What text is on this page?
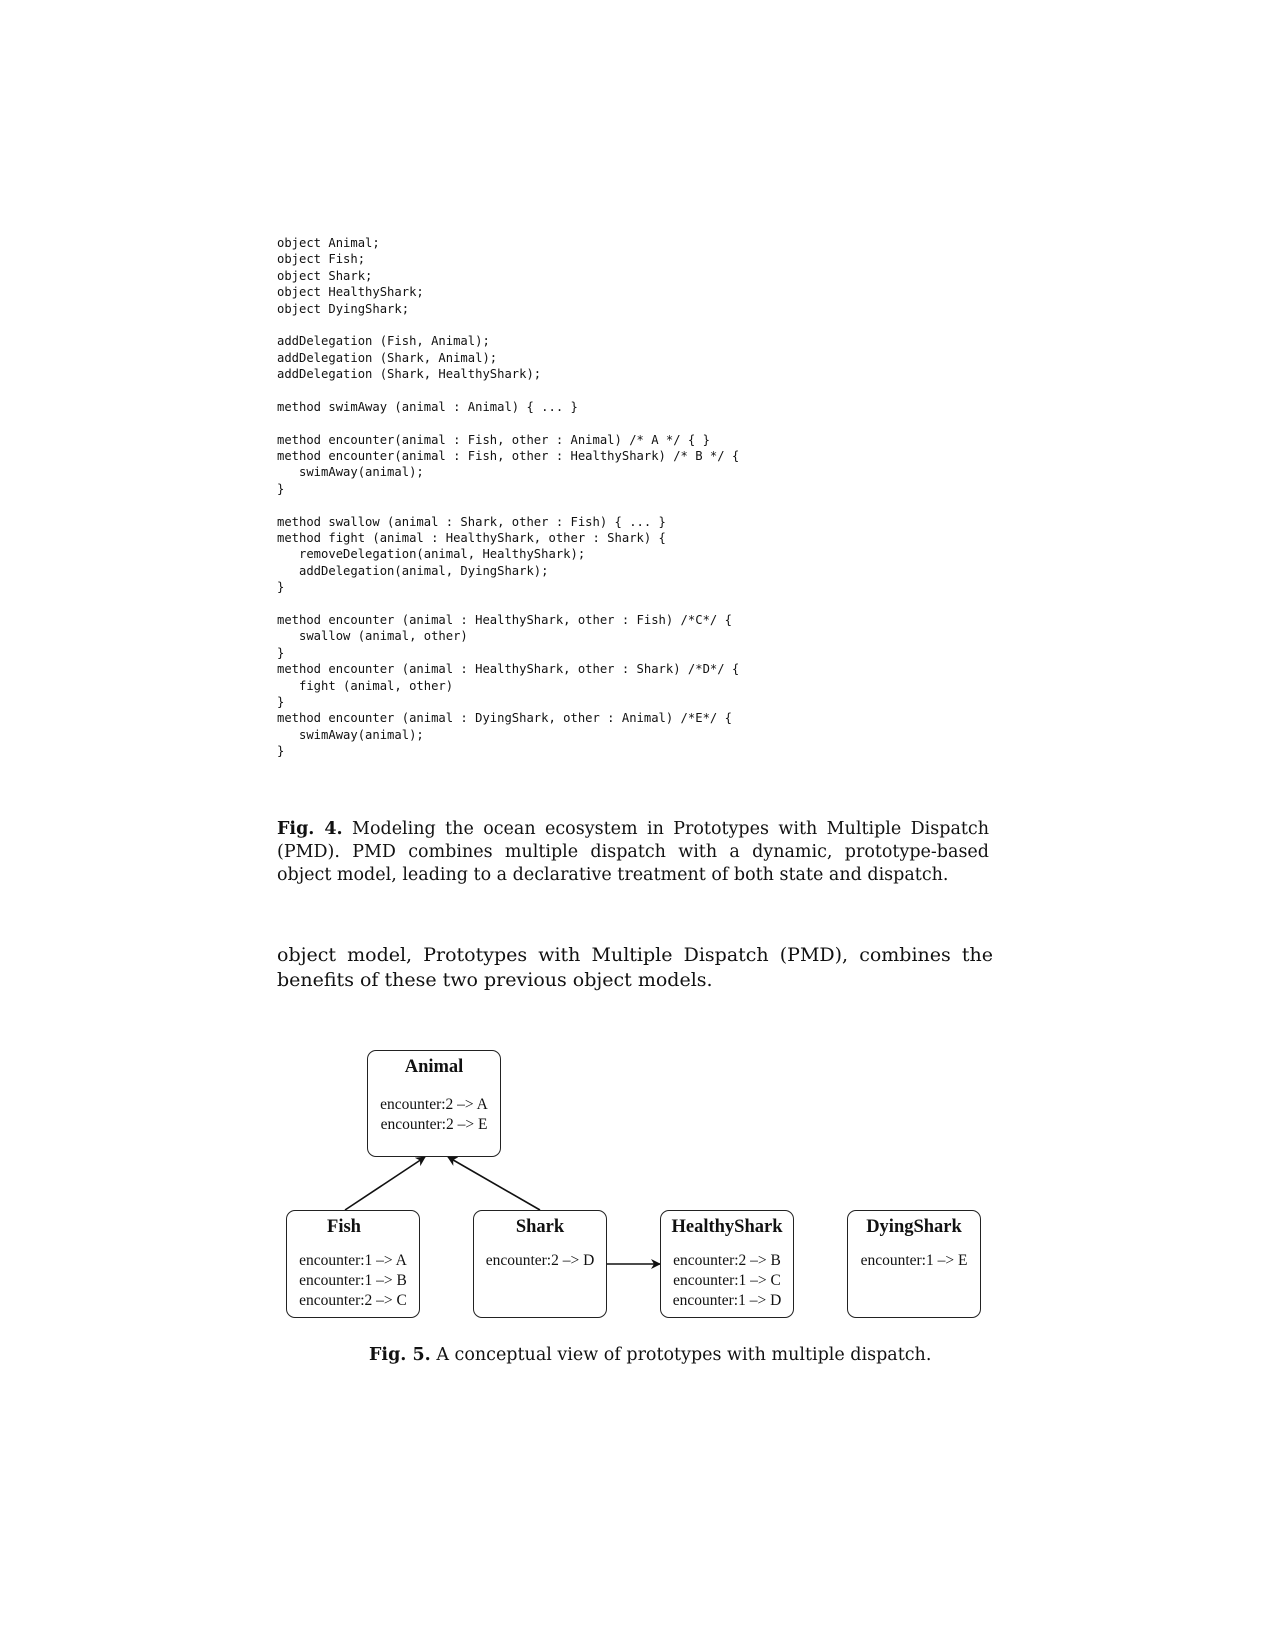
object Animal;
object Fish;
object Shark;
object HealthyShark;
object DyingShark;
addDelegation (Fish, Animal);
addDelegation (Shark, Animal);
addDelegation (Shark, HealthyShark);
method swimAway (animal : Animal) { ... }
method encounter(animal : Fish, other : Animal) /* A */ { }
method encounter(animal : Fish, other : HealthyShark) /* B */ {
swimAway(animal);
}
method swallow (animal : Shark, other : Fish) { ... }
method fight (animal : HealthyShark, other : Shark) {
removeDelegation(animal, HealthyShark);
addDelegation(animal, DyingShark);
}
method encounter (animal : HealthyShark, other : Fish) /*C*/ {
swallow (animal, other)
}
method encounter (animal : HealthyShark, other : Shark) /*D*/ {
fight (animal, other)
}
method encounter (animal : DyingShark, other : Animal) /*E*/ {
swimAway(animal);
}
Fig. 4. Modeling the ocean ecosystem in Prototypes with Multiple Dispatch (PMD). PMD combines multiple dispatch with a dynamic, prototype-based object model, leading to a declarative treatment of both state and dispatch.
object model, Prototypes with Multiple Dispatch (PMD), combines the benefits of these two previous object models.
Animal
encounter:2 –> A
encounter:2 –> E
Fish
encounter:1 –> A
encounter:1 –> B
encounter:2 –> C
Shark
encounter:2 –> D
HealthyShark
encounter:2 –> B
encounter:1 –> C
encounter:1 –> D
DyingShark
encounter:1 –> E
Fig. 5. A conceptual view of prototypes with multiple dispatch.
